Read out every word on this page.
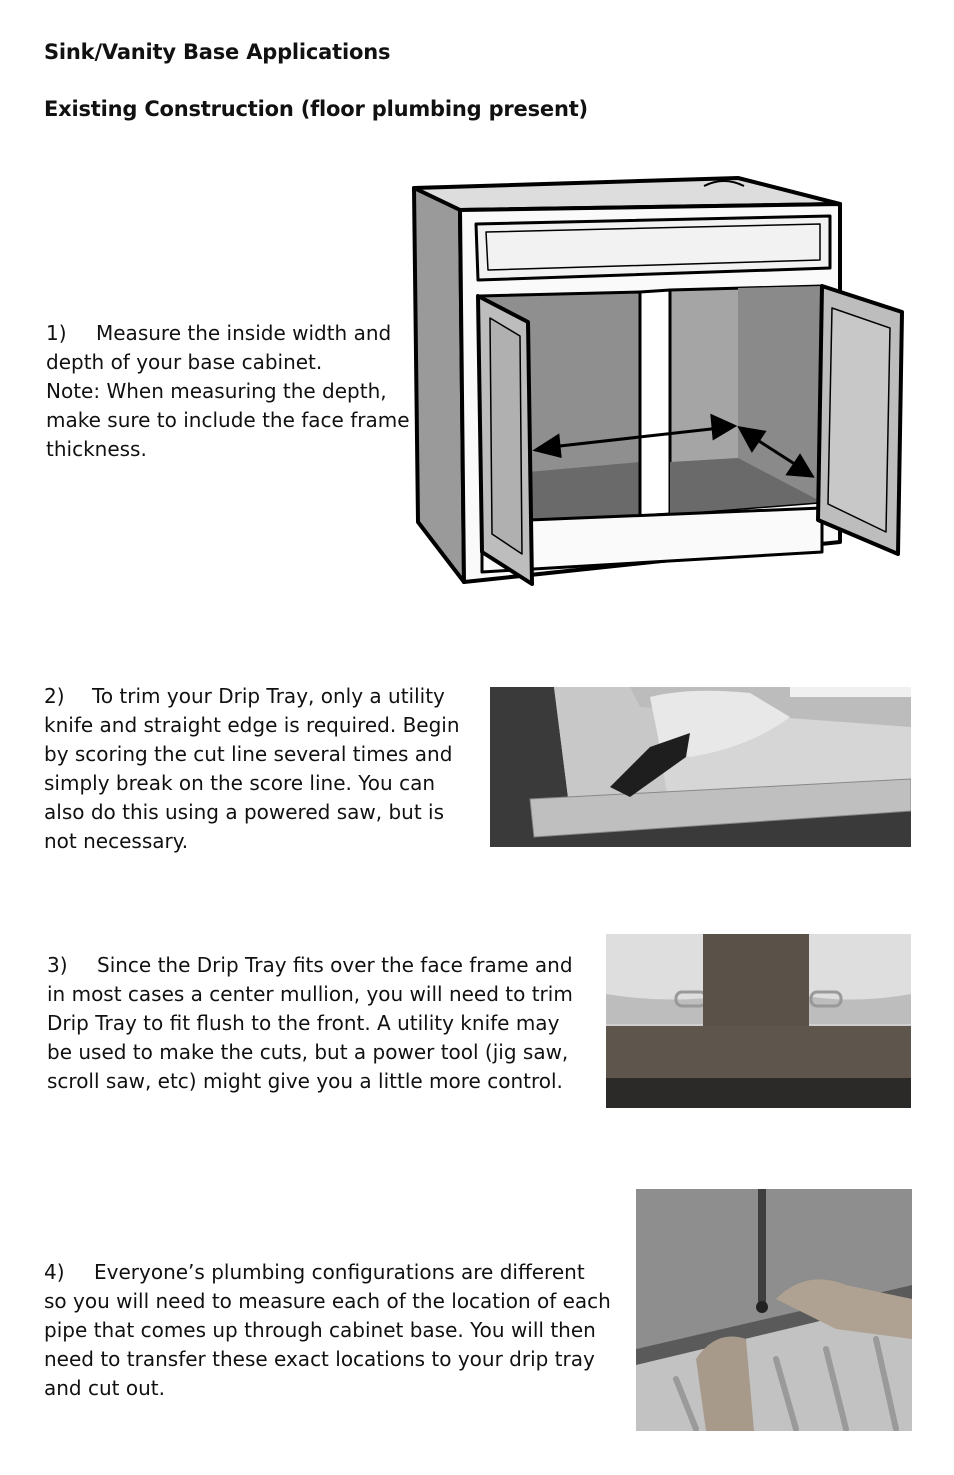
Sink/Vanity Base Applications
Existing Construction (floor plumbing present)
1) Measure the inside width and
depth of your base cabinet.
Note: When measuring the depth,
make sure to include the face frame
thickness.
2) To trim your Drip Tray, only a utility
knife and straight edge is required. Begin
by scoring the cut line several times and
simply break on the score line. You can
also do this using a powered saw, but is
not necessary.
3) Since the Drip Tray fits over the face frame and
in most cases a center mullion, you will need to trim
Drip Tray to fit flush to the front. A utility knife may
be used to make the cuts, but a power tool (jig saw,
scroll saw, etc) might give you a little more control.
4) Everyone’s plumbing configurations are different
so you will need to measure each of the location of each
pipe that comes up through cabinet base. You will then
need to transfer these exact locations to your drip tray
and cut out.
